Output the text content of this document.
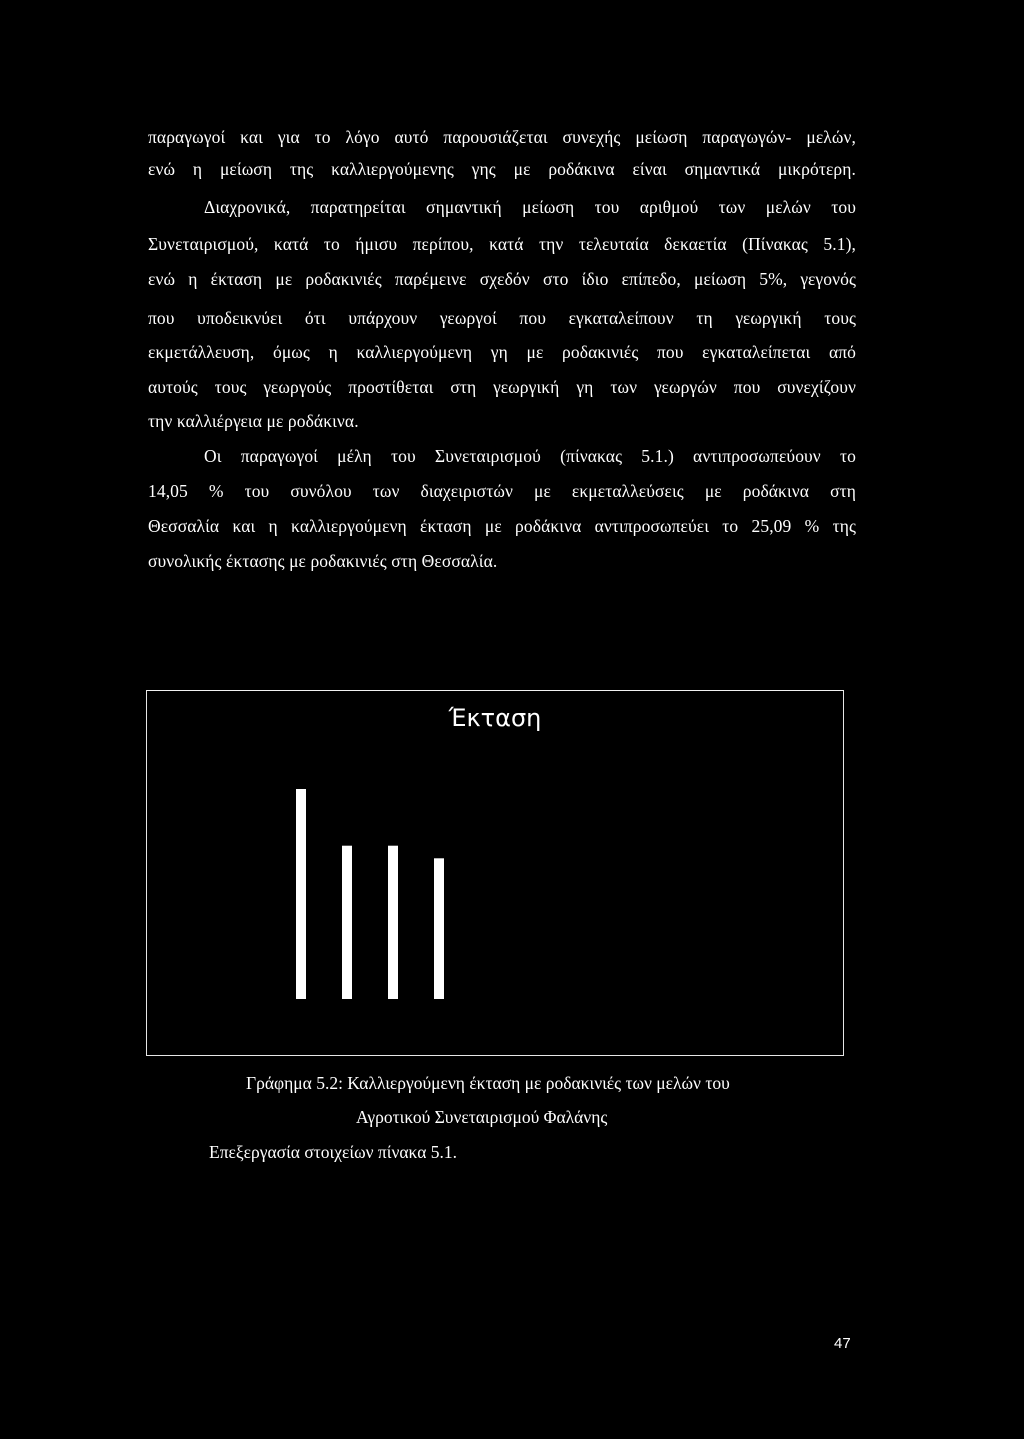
παραγωγοί και για το λόγο αυτό παρουσιάζεται συνεχής μείωση παραγωγών- μελών,
ενώ η μείωση της καλλιεργούμενης γης με ροδάκινα είναι σημαντικά μικρότερη.
Διαχρονικά, παρατηρείται σημαντική μείωση του αριθμού των μελών του
Συνεταιρισμού, κατά το ήμισυ περίπου, κατά την τελευταία δεκαετία (Πίνακας 5.1),
ενώ η έκταση με ροδακινιές παρέμεινε σχεδόν στο ίδιο επίπεδο, μείωση 5%, γεγονός
που υποδεικνύει ότι υπάρχουν γεωργοί που εγκαταλείπουν τη γεωργική τους
εκμετάλλευση, όμως η καλλιεργούμενη γη με ροδακινιές που εγκαταλείπεται από
αυτούς τους γεωργούς προστίθεται στη γεωργική γη των γεωργών που συνεχίζουν
την καλλιέργεια με ροδάκινα.
Οι παραγωγοί μέλη του Συνεταιρισμού (πίνακας 5.1.) αντιπροσωπεύουν το
14,05 % του συνόλου των διαχειριστών με εκμεταλλεύσεις με ροδάκινα στη
Θεσσαλία και η καλλιεργούμενη έκταση με ροδάκινα αντιπροσωπεύει το 25,09 % της
συνολικής έκτασης με ροδακινιές στη Θεσσαλία.
Έκταση
Γράφημα 5.2: Καλλιεργούμενη έκταση με ροδακινιές των μελών του
Αγροτικού Συνεταιρισμού Φαλάνης
Επεξεργασία στοιχείων πίνακα 5.1.
47
